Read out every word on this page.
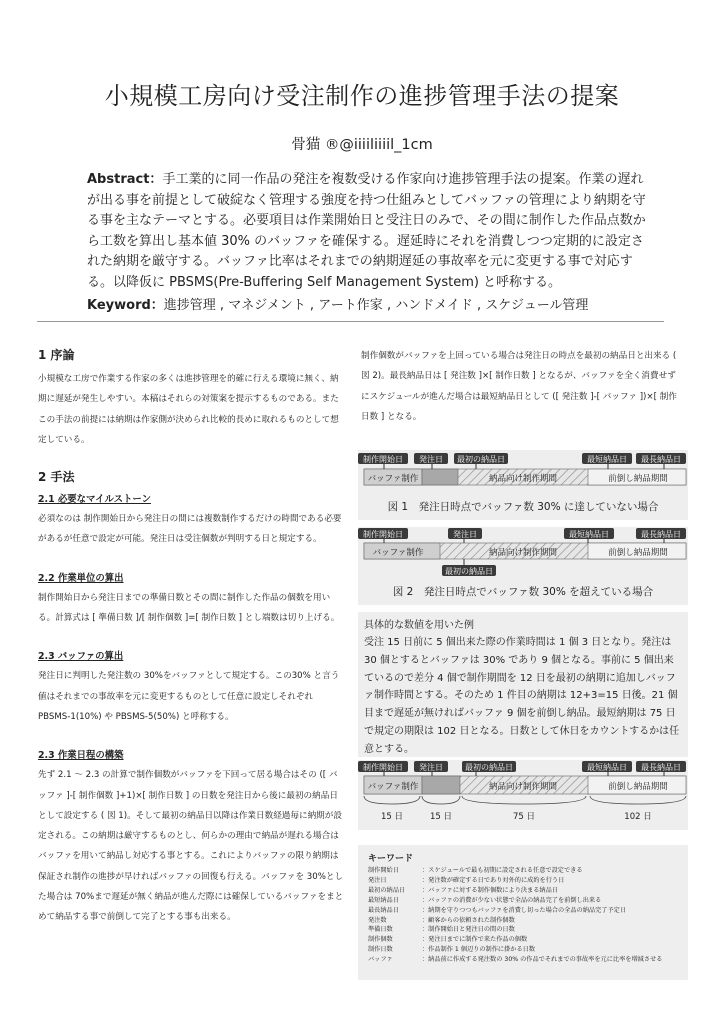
小規模工房向け受注制作の進捗管理手法の提案
骨猫 ®@iiiiliiiil_1cm
Abstract：手工業的に同一作品の発注を複数受ける作家向け進捗管理手法の提案。作業の遅れが出る事を前提として破綻なく管理する強度を持つ仕組みとしてバッファの管理により納期を守る事を主なテーマとする。必要項目は作業開始日と受注日のみで、その間に制作した作品点数から工数を算出し基本値 30% のバッファを確保する。遅延時にそれを消費しつつ定期的に設定された納期を厳守する。バッファ比率はそれまでの納期遅延の事故率を元に変更する事で対応する。以降仮に PBSMS(Pre-Buffering Self Management System) と呼称する。
Keyword：進捗管理 , マネジメント , アート作家 , ハンドメイド , スケジュール管理
1 序論
小規模な工房で作業する作家の多くは進捗管理を的確に行える環境に無く、納期に遅延が発生しやすい。本稿はそれらの対策案を提示するものである。またこの手法の前提には納期は作家側が決められ比較的長めに取れるものとして想定している。
2 手法
2.1 必要なマイルストーン
必須なのは 制作開始日から発注日の間には複数制作するだけの時間である必要があるが任意で設定が可能。発注日は受注個数が判明する日と規定する。
2.2 作業単位の算出
制作開始日から発注日までの準備日数とその間に制作した作品の個数を用いる。計算式は [ 準備日数 ]/[ 制作個数 ]=[ 制作日数 ] とし端数は切り上げる。
2.3 バッファの算出
発注日に判明した発注数の 30%をバッファとして規定する。この30% と言う値はそれまでの事故率を元に変更するものとして任意に設定しそれぞれ PBSMS-1(10%) や PBSMS-5(50%) と呼称する。
2.3 作業日程の構築
先ず 2.1 ～ 2.3 の計算で制作個数がバッファを下回って居る場合はその ([ バッファ ]-[ 制作個数 ]+1)×[ 制作日数 ] の日数を発注日から後に最初の納品日として設定する ( 図 1)。そして最初の納品日以降は作業日数経過毎に納期が設定される。この納期は厳守するものとし、何らかの理由で納品が遅れる場合はバッファを用いて納品し対応する事とする。これによりバッファの限り納期は保証され制作の進捗が早ければバッファの回復も行える。バッファを 30%とした場合は 70%まで遅延が無く納品が進んだ際には確保しているバッファをまとめて納品する事で前倒して完了とする事も出来る。
制作個数がバッファを上回っている場合は発注日の時点を最初の納品日と出来る ( 図 2)。最長納品日は [ 発注数 ]×[ 制作日数 ] となるが、バッファを全く消費せずにスケジュールが進んだ場合は最短納品日として ([ 発注数 ]-[ バッファ ])×[ 制作日数 ] となる。
バッファ制作	納品向け制作期間	前倒し納品期間
制作開始日 発注日 最初の納品日	最短納品日 最長納品日
図 1　発注日時点でバッファ数 30% に達していない場合
バッファ制作	納品向け制作期間	前倒し納品期間
制作開始日	発注日	最短納品日	最長納品日
最初の納品日
図 2　発注日時点でバッファ数 30% を超えている場合
具体的な数値を用いた例
受注 15 日前に 5 個出来た際の作業時間は 1 個 3 日となり。発注は 30 個とするとバッファは 30% であり 9 個となる。事前に 5 個出来ているので差分 4 個で制作期間を 12 日を最初の納期に追加しバッファ制作時間とする。そのため 1 件目の納期は 12+3=15 日後。21 個目まで遅延が無ければバッファ 9 個を前倒し納品。最短納期は 75 日で規定の期限は 102 日となる。日数として休日をカウントするかは任意とする。
バッファ制作	納品向け制作期間	前倒し納品期間
制作開始日 発注日	最初の納品日	最短納品日 最長納品日
15 日	15 日	75 日	102 日
キーワード
制作開始日	：スケジュールで最も初期に設定される任意で設定できる
発注日	：発注数が確定する日であり対外的に成約を行う日
最初の納品日	：バッファに対する制作個数により決まる納品日
最短納品日	：バッファの消費が少ない状態で全品の納品完了を前倒し出来る
最長納品日	：納期を守りつつもバッファを消費し切った場合の全品の納品完了予定日
発注数	：顧客からの依頼された制作個数
準備日数	：制作開始日と発注日の間の日数
制作個数	：発注日までに制作で来た作品の個数
制作日数	：作品制作 1 個辺りの制作に掛かる日数
バッファ	：納品前に作成する発注数の 30% の作品でそれまでの事故率を元に比率を増減させる
